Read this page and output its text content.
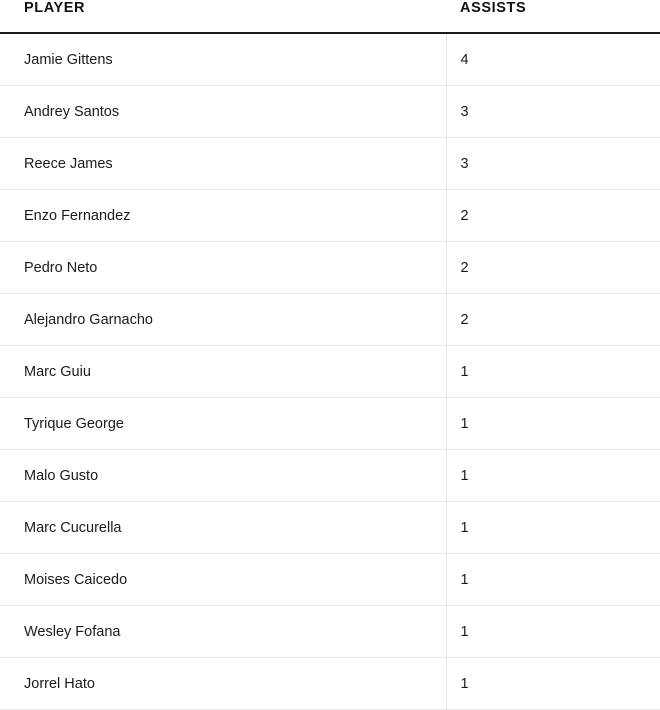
PLAYER	ASSISTS
Jamie Gittens	4
Andrey Santos	3
Reece James	3
Enzo Fernandez	2
Pedro Neto	2
Alejandro Garnacho	2
Marc Guiu	1
Tyrique George	1
Malo Gusto	1
Marc Cucurella	1
Moises Caicedo	1
Wesley Fofana	1
Jorrel Hato	1
